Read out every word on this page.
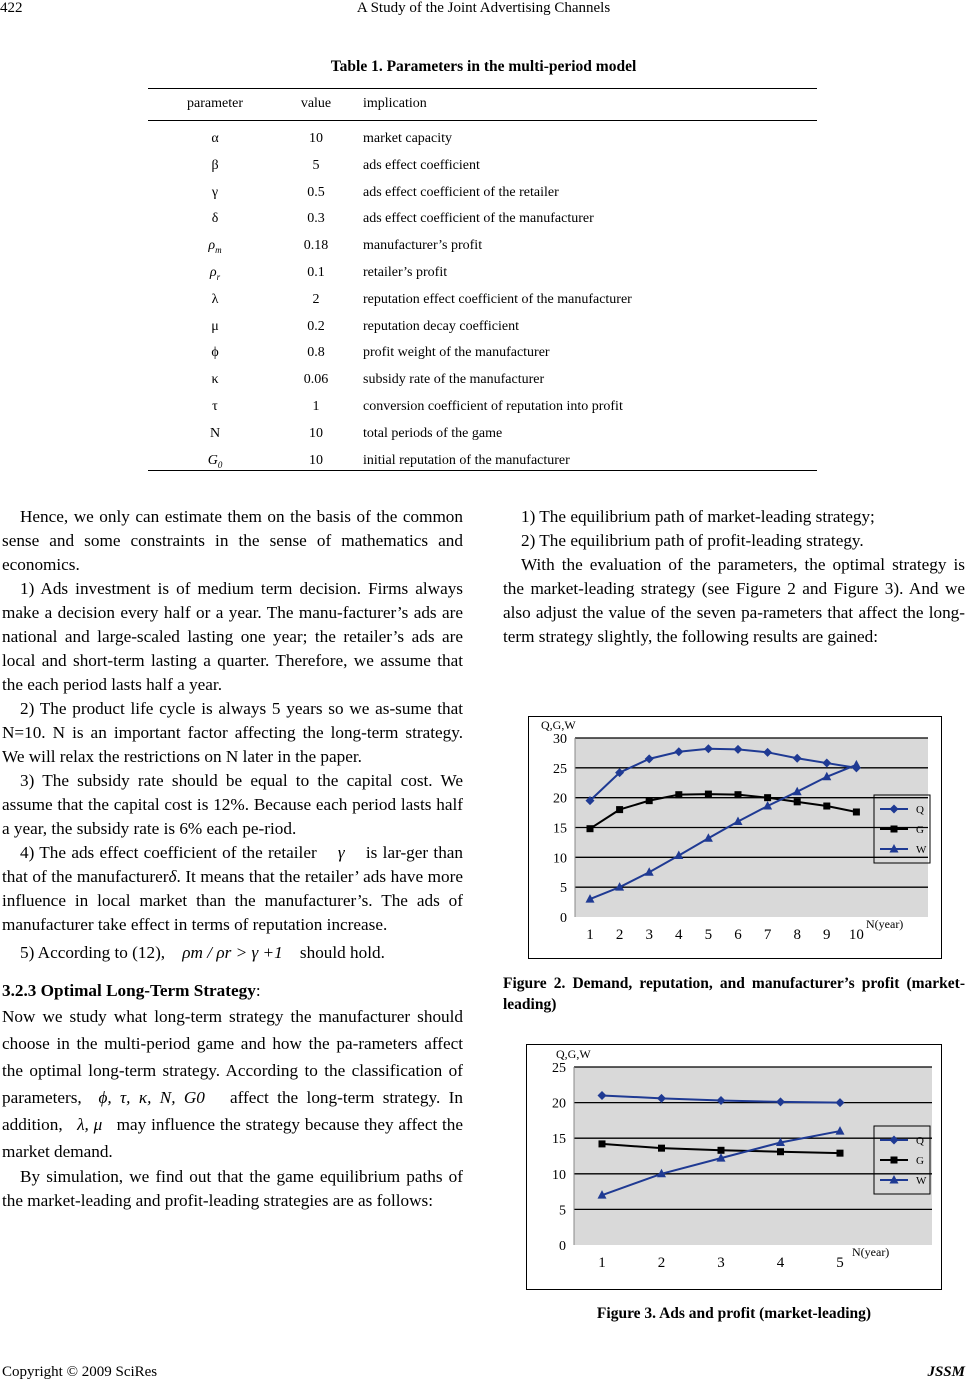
422	A Study of the Joint Advertising Channels
Table 1. Parameters in the multi-period model
parameter	value	implication
α	10	market capacity
β	5	ads effect coefficient
γ	0.5	ads effect coefficient of the retailer
δ	0.3	ads effect coefficient of the manufacturer
$\rho_m$	0.18	manufacturer’s profit
$\rho_r$	0.1	retailer’s profit
λ	2	reputation effect coefficient of the manufacturer
μ	0.2	reputation decay coefficient
ϕ	0.8	profit weight of the manufacturer
κ	0.06	subsidy rate of the manufacturer
τ	1	conversion coefficient of reputation into profit
N	10	total periods of the game
$G_0$	10	initial reputation of the manufacturer

Hence, we only can estimate them on the basis of the common sense and some constraints in the sense of mathematics and economics.

1) Ads investment is of medium term decision. Firms always make a decision every half or a year. The manu-facturer’s ads are national and large-scaled lasting one year; the retailer’s ads are local and short-term lasting a quarter. Therefore, we assume that the each period lasts half a year.

2) The product life cycle is always 5 years so we as-sume that N=10. N is an important factor affecting the long-term strategy. We will relax the restrictions on N later in the paper.

3) The subsidy rate should be equal to the capital cost. We assume that the capital cost is 12%. Because each period lasts half a year, the subsidy rate is 6% each pe-riod.

4) The ads effect coefficient of the retailer γ is lar-ger than that of the manufacturerδ. It means that the retailer’ ads have more influence in local market than the manufacturer’s. The ads of manufacturer take effect in terms of reputation increase.

5) According to (12), ρm / ρr > γ +1 should hold.

3.2.3 Optimal Long-Term Strategy:

Now we study what long-term strategy the manufacturer should choose in the multi-period game and how the pa-rameters affect the optimal long-term strategy. According to the classification of parameters, ϕ, τ, κ, N, G0 affect the long-term strategy. In addition, λ, μ may influence the strategy because they affect the market demand.

By simulation, we find out that the game equilibrium paths of the market-leading and profit-leading strategies are as follows:

1) The equilibrium path of market-leading strategy;

2) The equilibrium path of profit-leading strategy.

With the evaluation of the parameters, the optimal strategy is the market-leading strategy (see Figure 2 and Figure 3). And we also adjust the value of the seven pa-rameters that affect the long-term strategy slightly, the following results are gained:

0
5
10
15
20
25
30
1 2 3 4 5 6 7 8 9 10
Q,G,W
N(year)
Q
G
W
Figure 2. Demand, reputation, and manufacturer’s profit (market-leading)
0
5
10
15
20
25
1	2	3	4	5
Q,G,W
N(year)
Q
G
W
Figure 3. Ads and profit (market-leading)
Copyright © 2009 SciRes	JSSM
